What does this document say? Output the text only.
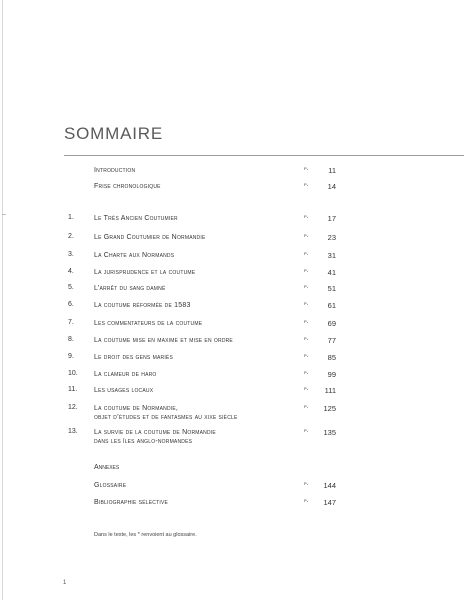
SOMMAIRE
Introduction	p.	11
Frise chronologique	p.	14
1.	Le Très Ancien Coutumier	p.	17
2.	Le Grand Coutumier de Normandie	p.	23
3.	La Charte aux Normands	p.	31
4.	La jurisprudence et la coutume	p.	41
5.	L’arrêt du sang damné	p.	51
6.	La coutume réformée de 1583	p.	61
7.	Les commentateurs de la coutume	p.	69
8.	La coutume mise en maxime et mise en ordre	p.	77
9.	Le droit des gens mariés	p.	85
10.	La clameur de haro	p.	99
11.	Les usages locaux	p.	111
12.	La coutume de Normandie,
objet d’études et de fantasmes au xixe siècle
p.	125
13.	La survie de la coutume de Normandie
dans les îles anglo-normandes
p.	135
Annexes
Glossaire	p.	144
Bibliographie sélective	p.	147
Dans le texte, les * renvoient au glossaire.
1
